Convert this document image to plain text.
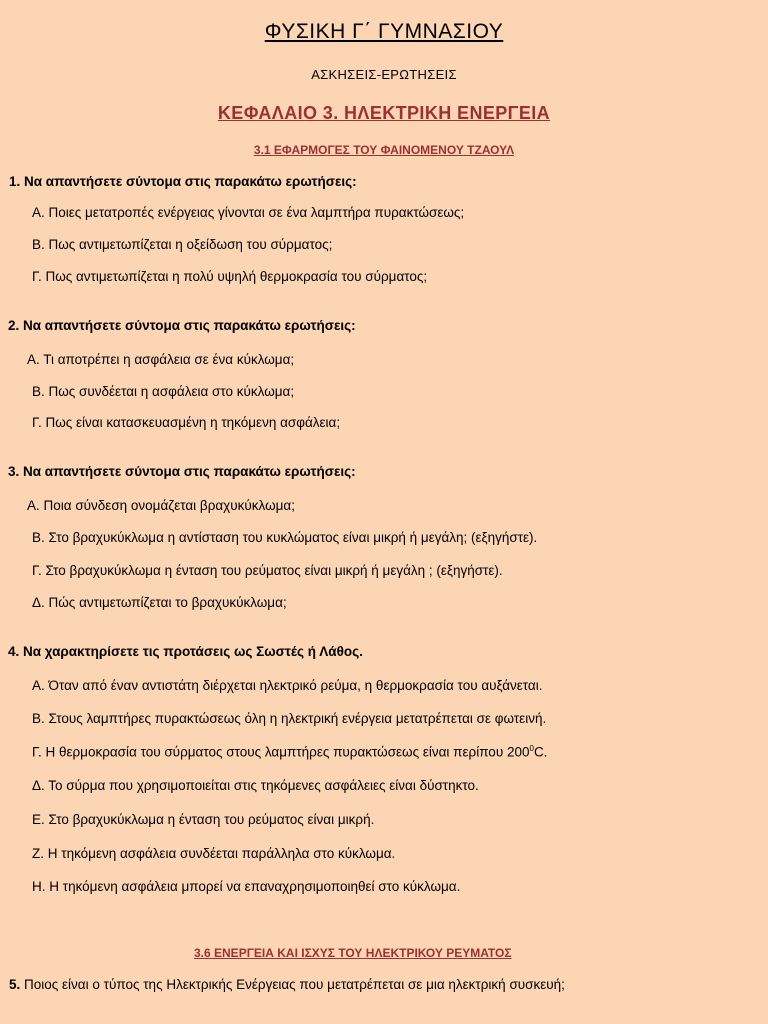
ΦΥΣΙΚΗ Γ΄ ΓΥΜΝΑΣΙΟΥ
ΑΣΚΗΣΕΙΣ-ΕΡΩΤΗΣΕΙΣ
ΚΕΦΑΛΑΙΟ 3. ΗΛΕΚΤΡΙΚΗ ΕΝΕΡΓΕΙΑ
3.1 ΕΦΑΡΜΟΓΕΣ ΤΟΥ ΦΑΙΝΟΜΕΝΟΥ ΤΖΑΟΥΛ
1. Να απαντήσετε σύντομα στις παρακάτω ερωτήσεις:
Α. Ποιες μετατροπές ενέργειας γίνονται σε ένα λαμπτήρα πυρακτώσεως;
Β. Πως αντιμετωπίζεται η οξείδωση του σύρματος;
Γ. Πως αντιμετωπίζεται η πολύ υψηλή θερμοκρασία του σύρματος;
2. Να απαντήσετε σύντομα στις παρακάτω ερωτήσεις:
Α. Τι αποτρέπει η ασφάλεια σε ένα κύκλωμα;
Β. Πως συνδέεται η ασφάλεια στο κύκλωμα;
Γ. Πως είναι κατασκευασμένη η τηκόμενη ασφάλεια;
3. Να απαντήσετε σύντομα στις παρακάτω ερωτήσεις:
Α. Ποια σύνδεση ονομάζεται βραχυκύκλωμα;
Β. Στο βραχυκύκλωμα η αντίσταση του κυκλώματος είναι μικρή ή μεγάλη; (εξηγήστε).
Γ. Στο βραχυκύκλωμα η ένταση του ρεύματος είναι μικρή ή μεγάλη ; (εξηγήστε).
Δ. Πώς αντιμετωπίζεται το βραχυκύκλωμα;
4. Να χαρακτηρίσετε τις προτάσεις ως Σωστές ή Λάθος.
Α. Όταν από έναν αντιστάτη διέρχεται ηλεκτρικό ρεύμα, η θερμοκρασία του αυξάνεται.
Β. Στους λαμπτήρες πυρακτώσεως όλη η ηλεκτρική ενέργεια μετατρέπεται σε φωτεινή.
Γ. Η θερμοκρασία του σύρματος στους λαμπτήρες πυρακτώσεως είναι περίπου $200^0C$.
Δ. Το σύρμα που χρησιμοποιείται στις τηκόμενες ασφάλειες είναι δύστηκτο.
Ε. Στο βραχυκύκλωμα η ένταση του ρεύματος είναι μικρή.
Ζ. Η τηκόμενη ασφάλεια συνδέεται παράλληλα στο κύκλωμα.
Η. Η τηκόμενη ασφάλεια μπορεί να επαναχρησιμοποιηθεί στο κύκλωμα.
3.6 ΕΝΕΡΓΕΙΑ ΚΑΙ ΙΣΧΥΣ ΤΟΥ ΗΛΕΚΤΡΙΚΟΥ ΡΕΥΜΑΤΟΣ
5. Ποιος είναι ο τύπος της Ηλεκτρικής Ενέργειας που μετατρέπεται σε μια ηλεκτρική συσκευή;
